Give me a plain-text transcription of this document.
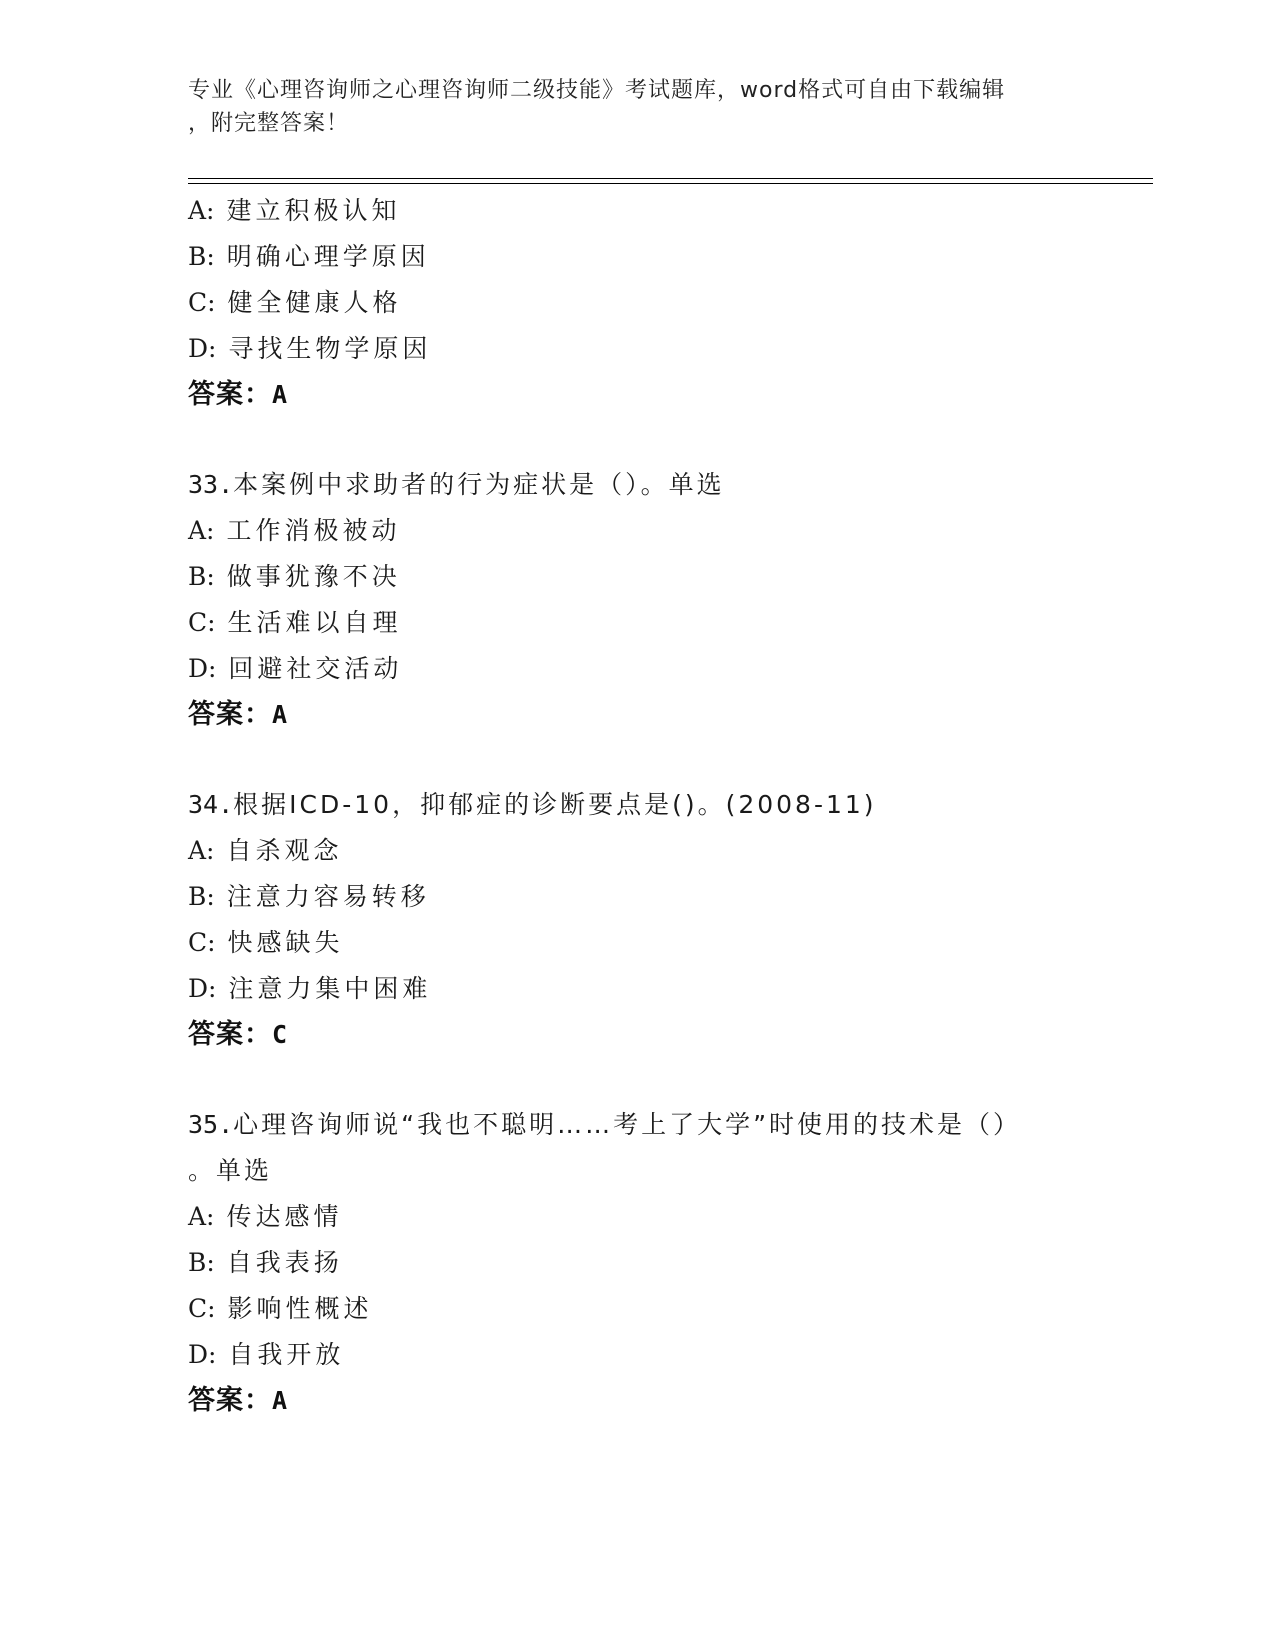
专业《心理咨询师之心理咨询师二级技能》考试题库，word格式可自由下载编辑
，附完整答案！
A: 建立积极认知
B: 明确心理学原因
C: 健全健康人格
D: 寻找生物学原因
答案：A
33.本案例中求助者的行为症状是（）。单选
A: 工作消极被动
B: 做事犹豫不决
C: 生活难以自理
D: 回避社交活动
答案：A
34.根据ICD-10，抑郁症的诊断要点是()。(2008-11)
A: 自杀观念
B: 注意力容易转移
C: 快感缺失
D: 注意力集中困难
答案：C
35.心理咨询师说“我也不聪明……考上了大学”时使用的技术是（）
。单选
A: 传达感情
B: 自我表扬
C: 影响性概述
D: 自我开放
答案：A
